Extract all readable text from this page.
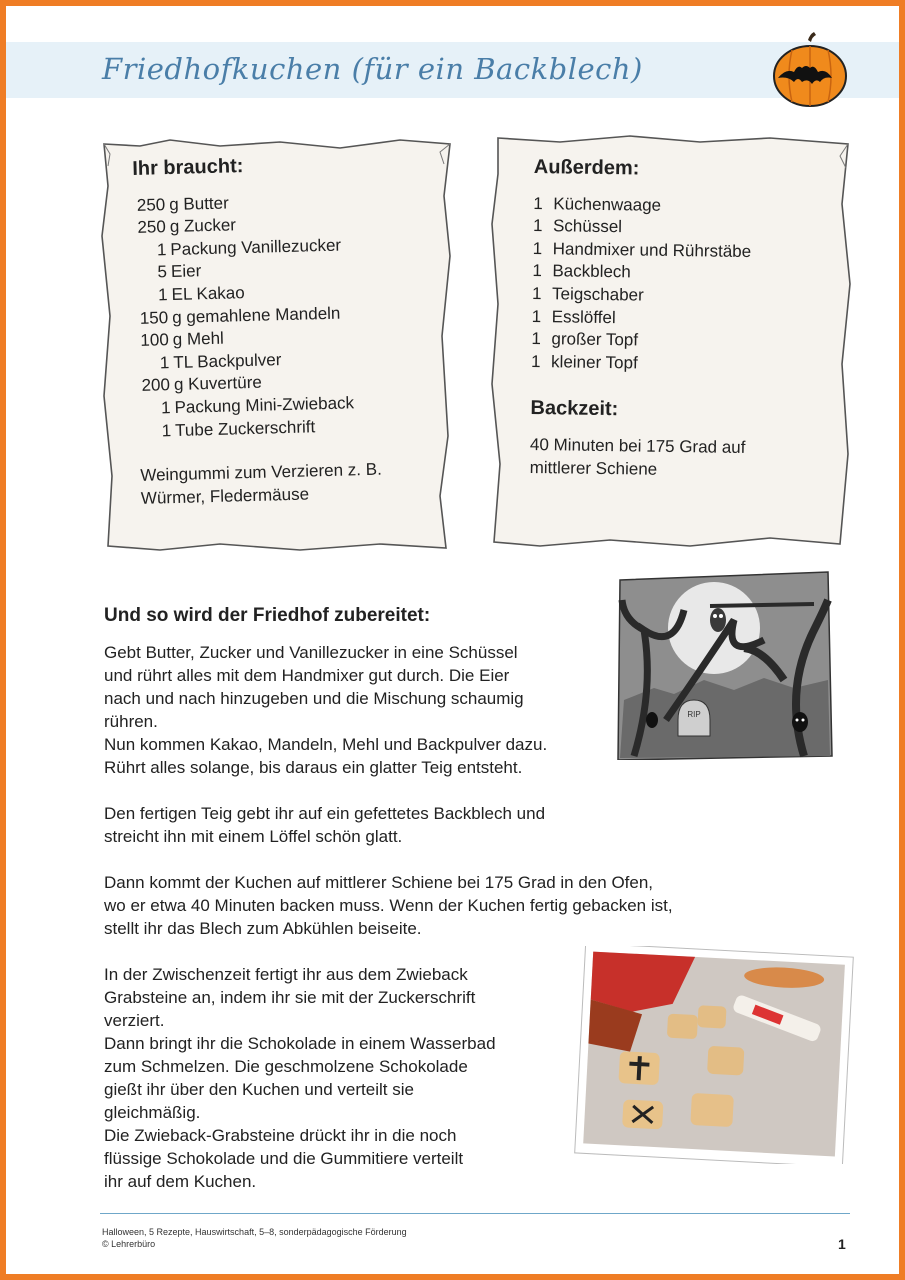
Friedhofkuchen (für ein Backblech)
Ihr braucht:
250 g Butter
250 g Zucker
1 Packung Vanillezucker
5 Eier
1 EL Kakao
150 g gemahlene Mandeln
100 g Mehl
1 TL Backpulver
200 g Kuvertüre
1 Packung Mini-Zwieback
1 Tube Zuckerschrift
Weingummi zum Verzieren z. B. Würmer, Fledermäuse
Außerdem:
1 Küchenwaage
1 Schüssel
1 Handmixer und Rührstäbe
1 Backblech
1 Teigschaber
1 Esslöffel
1 großer Topf
1 kleiner Topf
Backzeit:
40 Minuten bei 175 Grad auf mittlerer Schiene
Und so wird der Friedhof zubereitet:

Gebt Butter, Zucker und Vanillezucker in eine Schüssel
und rührt alles mit dem Handmixer gut durch. Die Eier
nach und nach hinzugeben und die Mischung schaumig
rühren.
Nun kommen Kakao, Mandeln, Mehl und Backpulver dazu.
Rührt alles solange, bis daraus ein glatter Teig entsteht.

Den fertigen Teig gebt ihr auf ein gefettetes Backblech und
streicht ihn mit einem Löffel schön glatt.

Dann kommt der Kuchen auf mittlerer Schiene bei 175 Grad in den Ofen,
wo er etwa 40 Minuten backen muss. Wenn der Kuchen fertig gebacken ist,
stellt ihr das Blech zum Abkühlen beiseite.

In der Zwischenzeit fertigt ihr aus dem Zwieback
Grabsteine an, indem ihr sie mit der Zuckerschrift
verziert.
Dann bringt ihr die Schokolade in einem Wasserbad
zum Schmelzen. Die geschmolzene Schokolade
gießt ihr über den Kuchen und verteilt sie
gleichmäßig.
Die Zwieback-Grabsteine drückt ihr in die noch
flüssige Schokolade und die Gummitiere verteilt
ihr auf dem Kuchen.

RIP
Halloween, 5 Rezepte, Hauswirtschaft, 5–8, sonderpädagogische Förderung
© Lehrerbüro	1
